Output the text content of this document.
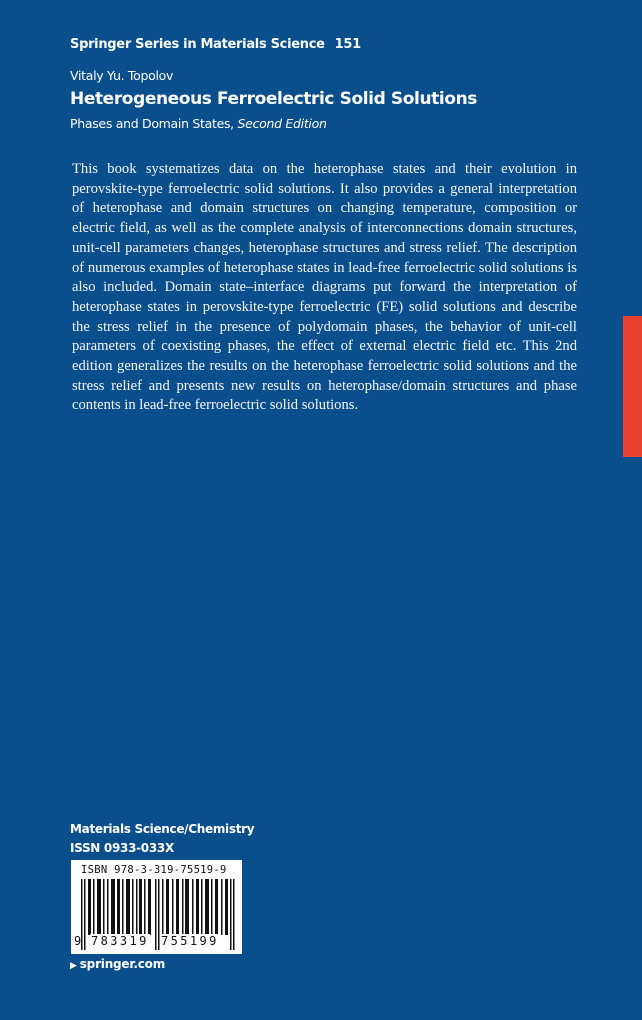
Springer Series in Materials Science 151
Vitaly Yu. Topolov
Heterogeneous Ferroelectric Solid Solutions
Phases and Domain States, Second Edition

This book systematizes data on the heterophase states and their evolution in perovskite-type ferroelectric solid solutions. It also provides a general interpretation of heterophase and domain structures on changing temperature, composition or electric field, as well as the complete analysis of interconnections domain structures, unit-cell parameters changes, heterophase structures and stress relief. The description of numerous examples of heterophase states in lead-free ferroelectric solid solutions is also included. Domain state–interface diagrams put forward the interpretation of heterophase states in perovskite-type ferroelectric (FE) solid solutions and describe the stress relief in the presence of polydomain phases, the behavior of unit-cell parameters of coexisting phases, the effect of external electric field etc. This 2nd edition generalizes the results on the heterophase ferroelectric solid solutions and the stress relief and presents new results on heterophase/domain structures and phase contents in lead-free ferroelectric solid solutions.

Materials Science/Chemistry
ISSN 0933-033X
ISBN 978-3-319-75519-9
9 783319 755199
▶ springer.com
